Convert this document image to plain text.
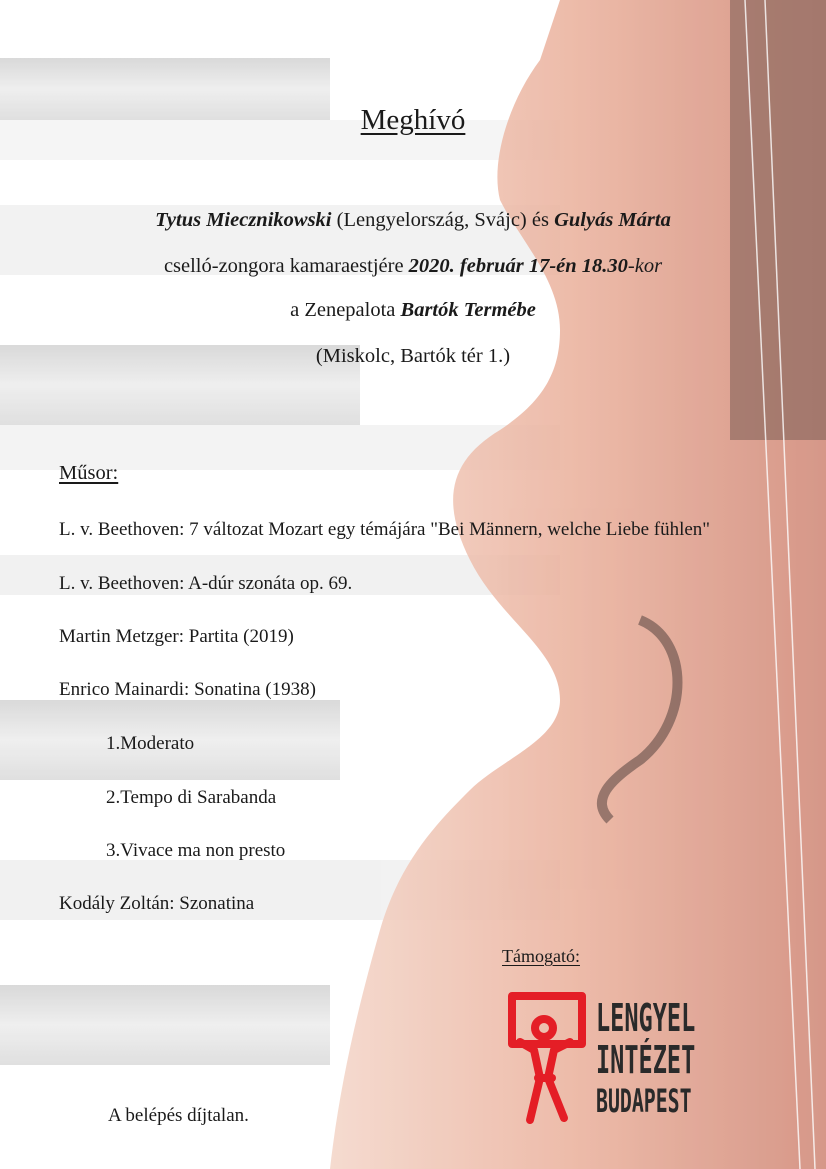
Meghívó
Tytus Miecznikowski (Lengyelország, Svájc) és Gulyás Márta
cselló-zongora kamaraestjére 2020. február 17-én 18.30-kor
a Zenepalota Bartók Termébe
(Miskolc, Bartók tér 1.)
Műsor:
L. v. Beethoven: 7 változat Mozart egy témájára "Bei Männern, welche Liebe fühlen"
L. v. Beethoven: A-dúr szonáta op. 69.
Martin Metzger: Partita (2019)
Enrico Mainardi: Sonatina (1938)
1.Moderato
2.Tempo di Sarabanda
3.Vivace ma non presto
Kodály Zoltán: Szonatina
Támogató:
LENGYEL
INTÉZET
BUDAPEST
A belépés díjtalan.
